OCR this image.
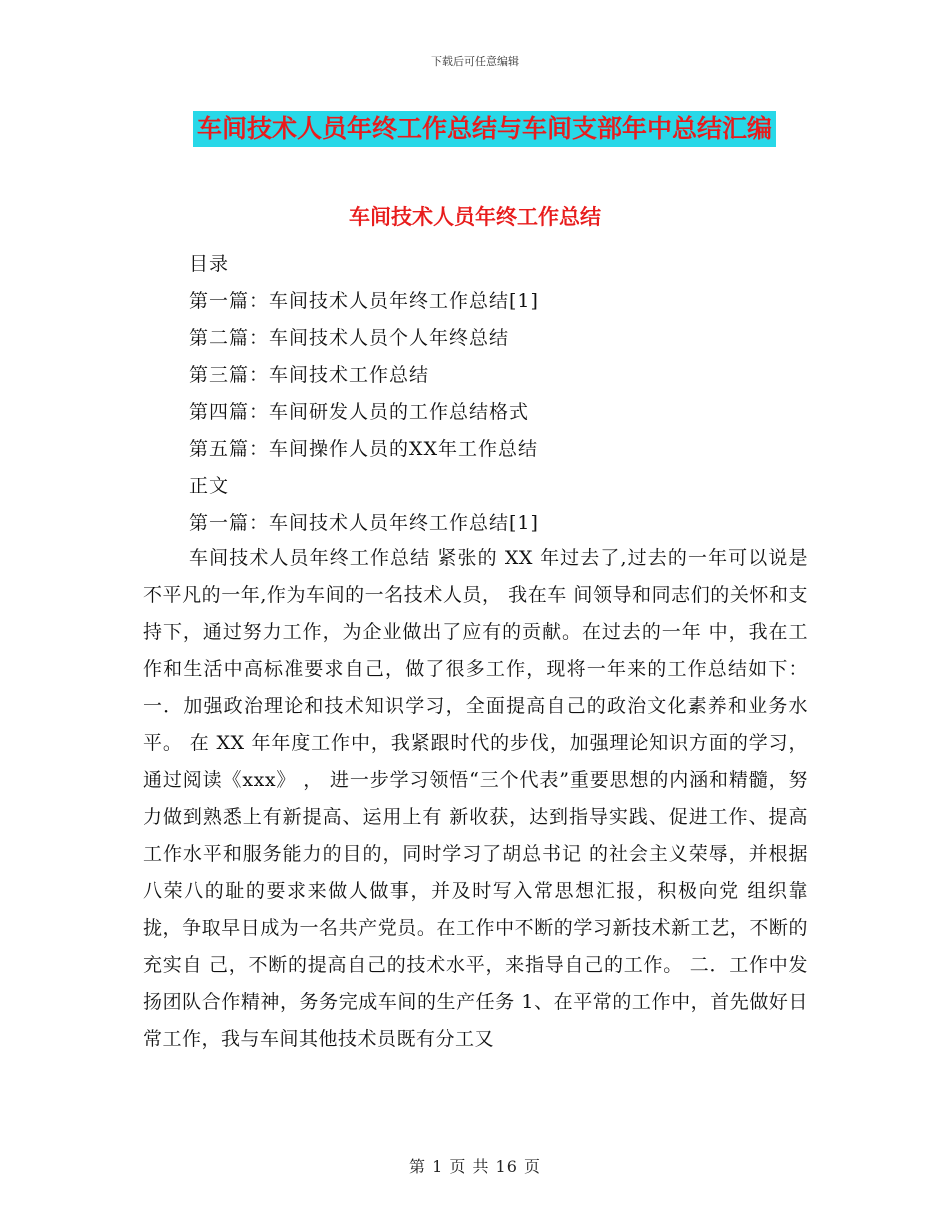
下载后可任意编辑
车间技术人员年终工作总结与车间支部年中总结汇编
车间技术人员年终工作总结
目录
第一篇：车间技术人员年终工作总结[1]
第二篇：车间技术人员个人年终总结
第三篇：车间技术工作总结
第四篇：车间研发人员的工作总结格式
第五篇：车间操作人员的XX年工作总结
正文
第一篇：车间技术人员年终工作总结[1]

车间技术人员年终工作总结 紧张的 XX 年过去了,过去的一年可以说是不平凡的一年,作为车间的一名技术人员， 我在车 间领导和同志们的关怀和支持下，通过努力工作，为企业做出了应有的贡献。在过去的一年 中，我在工作和生活中高标准要求自己，做了很多工作，现将一年来的工作总结如下： 一．加强政治理论和技术知识学习，全面提高自己的政治文化素养和业务水平。 在 XX 年年度工作中，我紧跟时代的步伐，加强理论知识方面的学习，通过阅读《xxx》 ， 进一步学习领悟“三个代表”重要思想的内涵和精髓，努力做到熟悉上有新提高、运用上有 新收获，达到指导实践、促进工作、提高工作水平和服务能力的目的，同时学习了胡总书记 的社会主义荣辱，并根据八荣八的耻的要求来做人做事，并及时写入常思想汇报，积极向党 组织靠拢，争取早日成为一名共产党员。在工作中不断的学习新技术新工艺，不断的充实自 己，不断的提高自己的技术水平，来指导自己的工作。 二．工作中发扬团队合作精神，务务完成车间的生产任务 1、在平常的工作中，首先做好日常工作，我与车间其他技术员既有分工又

第 1 页 共 16 页
